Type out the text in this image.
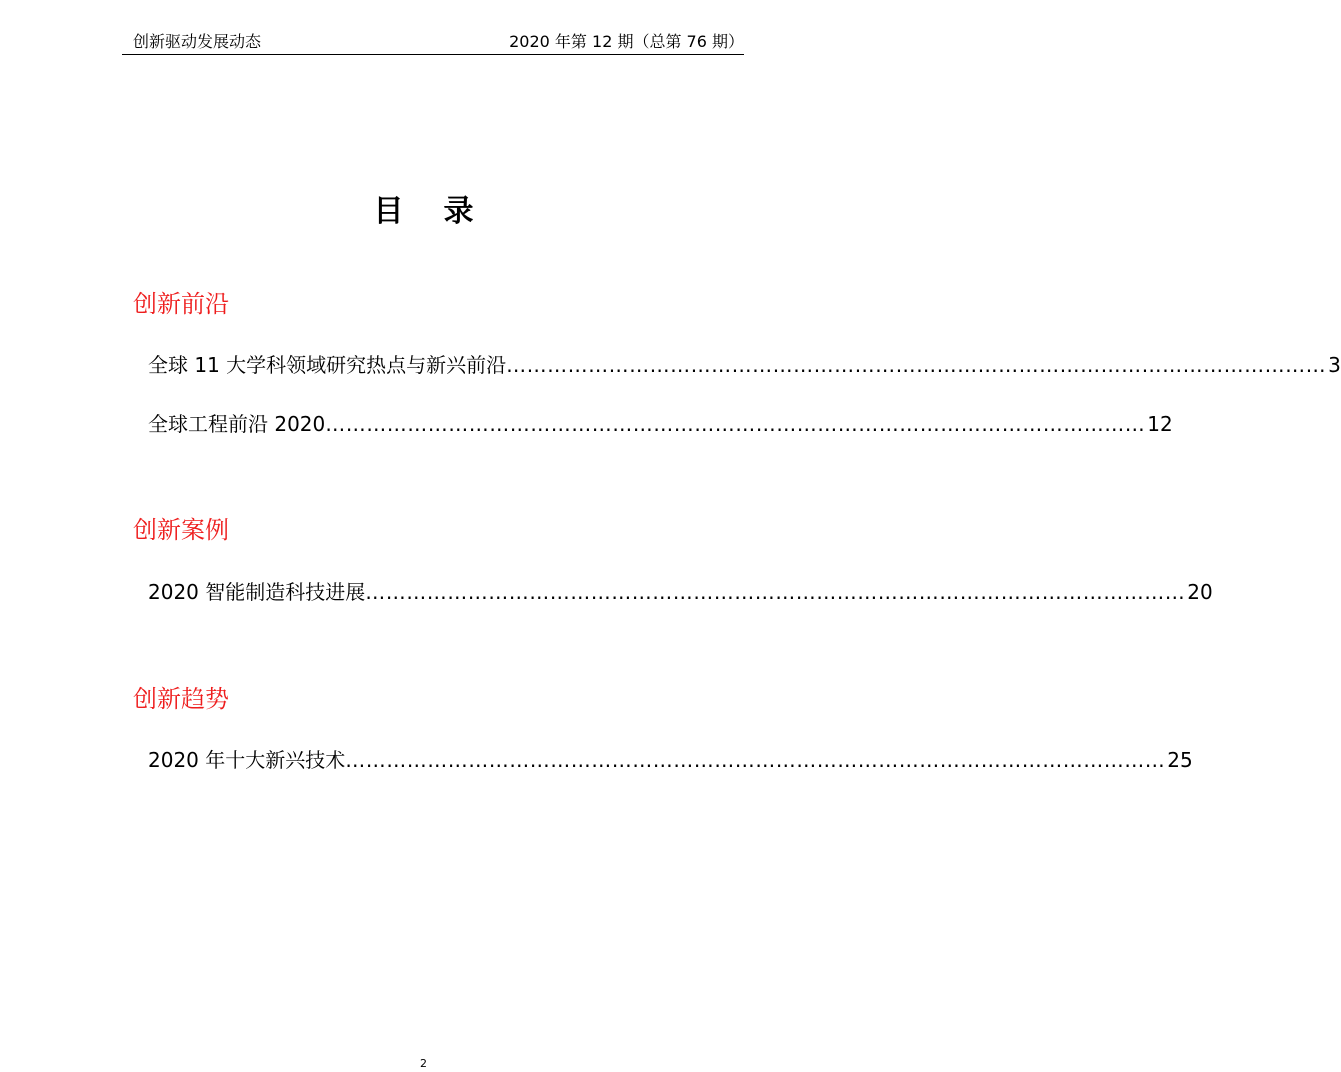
创新驱动发展动态	2020 年第 12 期（总第 76 期）
目录
创新前沿
全球 11 大学科领域研究热点与新兴前沿 ………………………………………………………………………………………………………… 3
全球工程前沿 2020 ………………………………………………………………………………………………………… 12
创新案例
2020 智能制造科技进展 ………………………………………………………………………………………………………… 20
创新趋势
2020 年十大新兴技术 ………………………………………………………………………………………………………… 25
2
